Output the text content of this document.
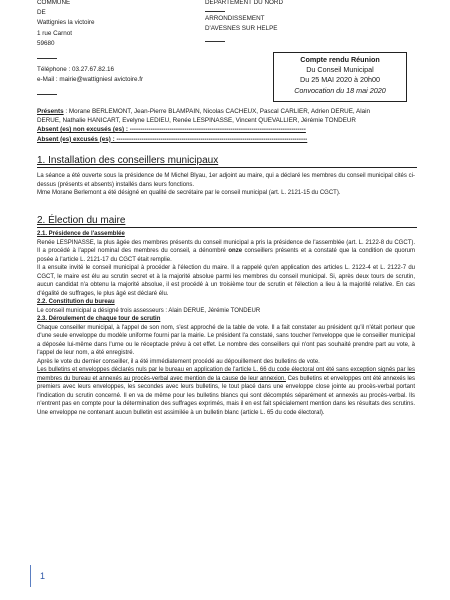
COMMUNE
DE
Wattignies la victoire
1 rue Carnot
59680
Téléphone : 03.27.67.82.16
e-Mail : mairie@wattigniesl avictoire.fr
DÉPARTEMENT DU NORD
ARRONDISSEMENT
D'AVESNES SUR HELPE
Compte rendu Réunion
Du Conseil Municipal
Du 25 MAI 2020 à 20h00
Convocation du 18 mai 2020
Présents : Morane BERLEMONT, Jean-Pierre BLAMPAIN, Nicolas CACHEUX, Pascal CARLIER, Adrien DERUE, Alain
DERUE, Nathalie HANICART, Evelyne LEDIEU, Renée LESPINASSE, Vincent QUEVALLIER, Jérémie TONDEUR
Absent (es) non excusés (es) : ------------------------------------------------------------------------------------
Absent (es) excusés (es) : -------------------------------------------------------------------------------------------
1. Installation des conseillers municipaux

La séance a été ouverte sous la présidence de M Michel Blyau, 1er adjoint au maire, qui a déclaré les membres du conseil municipal cités ci-dessus (présents et absents) installés dans leurs fonctions.

Mme Morane Berlemont a été désigné en qualité de secrétaire par le conseil municipal (art. L. 2121-15 du CGCT).

2. Élection du maire

2.1. Présidence de l'assemblée

Renée LESPINASSE, la plus âgée des membres présents du conseil municipal a pris la présidence de l'assemblée (art. L. 2122-8 du CGCT). Il a procédé à l'appel nominal des membres du conseil, a dénombré onze conseillers présents et a constaté que la condition de quorum posée à l'article L. 2121-17 du CGCT était remplie.

Il a ensuite invité le conseil municipal à procéder à l'élection du maire. Il a rappelé qu'en application des articles L. 2122-4 et L. 2122-7 du CGCT, le maire est élu au scrutin secret et à la majorité absolue parmi les membres du conseil municipal. Si, après deux tours de scrutin, aucun candidat n'a obtenu la majorité absolue, il est procédé à un troisième tour de scrutin et l'élection a lieu à la majorité relative. En cas d'égalité de suffrages, le plus âgé est déclaré élu.

2.2. Constitution du bureau

Le conseil municipal a désigné trois assesseurs : Alain DERUE, Jérémie TONDEUR

2.3. Déroulement de chaque tour de scrutin

Chaque conseiller municipal, à l'appel de son nom, s'est approché de la table de vote. Il a fait constater au président qu'il n'était porteur que d'une seule enveloppe du modèle uniforme fourni par la mairie. Le président l'a constaté, sans toucher l'enveloppe que le conseiller municipal a déposée lui-même dans l'urne ou le réceptacle prévu à cet effet. Le nombre des conseillers qui n'ont pas souhaité prendre part au vote, à l'appel de leur nom, a été enregistré.

Après le vote du dernier conseiller, il a été immédiatement procédé au dépouillement des bulletins de vote.

Les bulletins et enveloppes déclarés nuls par le bureau en application de l'article L. 66 du code électoral ont été sans exception signés par les membres du bureau et annexés au procès-verbal avec mention de la cause de leur annexion. Ces bulletins et enveloppes ont été annexés les premiers avec leurs enveloppes, les secondes avec leurs bulletins, le tout placé dans une enveloppe close jointe au procès-verbal portant l'indication du scrutin concerné. Il en va de même pour les bulletins blancs qui sont décomptés séparément et annexés au procès-verbal. Ils n'entrent pas en compte pour la détermination des suffrages exprimés, mais il en est fait spécialement mention dans les résultats des scrutins. Une enveloppe ne contenant aucun bulletin est assimilée à un bulletin blanc (article L. 65 du code électoral).

1
